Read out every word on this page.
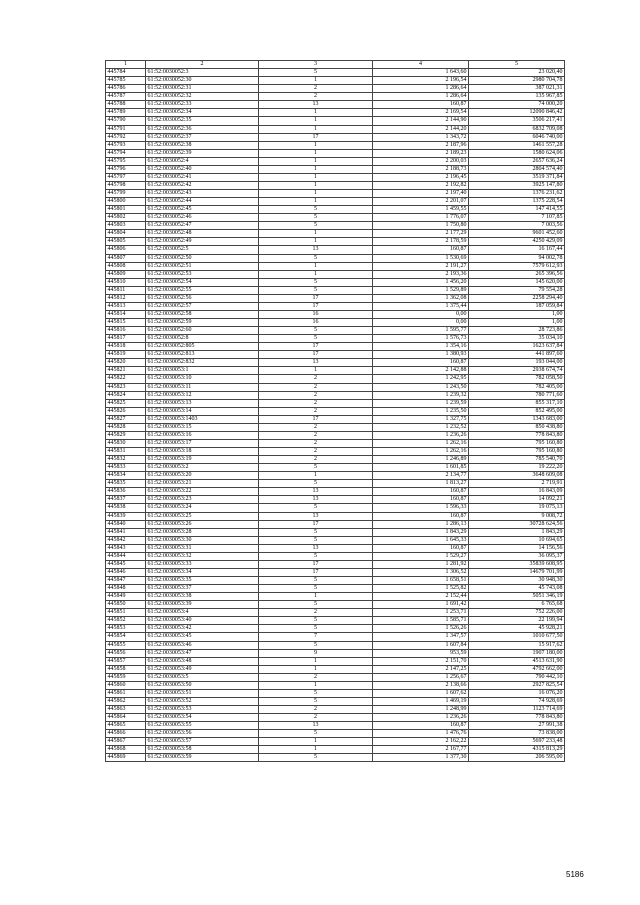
1	2	3	4	5
445784	61:52:0030052:3	5	1 643,60	23 020,40
445785	61:52:0030052:30	1	2 196,54	2980 704,78
445786	61:52:0030052:31	2	1 286,64	387 021,31
445787	61:52:0030052:32	2	1 286,64	135 967,85
445788	61:52:0030052:33	13	160,87	74 000,20
445789	61:52:0030052:34	1	2 169,54	12090 846,42
445790	61:52:0030052:35	1	2 144,90	3506 217,41
445791	61:52:0030052:36	1	2 144,20	6832 709,08
445792	61:52:0030052:37	17	1 343,72	6046 740,00
445793	61:52:0030052:38	1	2 187,96	1461 557,28
445794	61:52:0030052:39	1	2 189,23	1580 624,06
445795	61:52:0030052:4	1	2 200,03	2657 636,24
445796	61:52:0030052:40	1	2 188,73	2804 574,40
445797	61:52:0030052:41	1	2 196,45	3519 371,84
445798	61:52:0030052:42	1	2 192,82	3925 147,80
445799	61:52:0030052:43	1	2 197,40	1376 231,62
445800	61:52:0030052:44	1	2 201,07	1375 228,54
445801	61:52:0030052:45	5	1 459,55	147 414,55
445802	61:52:0030052:46	5	1 776,07	7 107,85
445803	61:52:0030052:47	5	1 750,80	7 003,56
445804	61:52:0030052:48	1	2 177,29	9601 452,60
445805	61:52:0030052:49	1	2 178,59	4250 429,09
445806	61:52:0030052:5	13	160,87	16 167,44
445807	61:52:0030052:50	5	1 530,69	94 002,78
445808	61:52:0030052:51	1	2 191,27	7579 612,93
445809	61:52:0030052:53	1	2 193,36	265 396,56
445810	61:52:0030052:54	5	1 456,20	145 620,00
445811	61:52:0030052:55	5	1 529,89	79 554,28
445812	61:52:0030052:56	17	1 362,08	2258 294,40
445813	61:52:0030052:57	17	1 375,44	187 059,84
445814	61:52:0030052:58	16	0,00	1,00
445815	61:52:0030052:59	16	0,00	1,00
445816	61:52:0030052:60	5	1 595,77	28 723,86
445817	61:52:0030052:8	5	1 576,73	35 034,10
445818	61:52:0030052:805	17	1 354,16	1623 637,84
445819	61:52:0030052:813	17	1 380,93	441 897,60
445820	61:52:0030052:832	13	160,87	193 044,00
445821	61:52:0030053:1	1	2 142,88	2938 674,74
445822	61:52:0030053:10	2	1 242,95	782 058,50
445823	61:52:0030053:11	2	1 243,50	782 405,00
445824	61:52:0030053:12	2	1 239,32	780 771,60
445825	61:52:0030053:13	2	1 239,59	855 317,10
445826	61:52:0030053:14	2	1 235,50	852 495,00
445827	61:52:0030053:1403	17	1 327,75	1343 683,00
445828	61:52:0030053:15	2	1 232,52	850 438,80
445829	61:52:0030053:16	2	1 236,26	778 843,80
445830	61:52:0030053:17	2	1 262,16	795 160,80
445831	61:52:0030053:18	2	1 262,16	795 160,80
445832	61:52:0030053:19	2	1 246,89	785 540,70
445833	61:52:0030053:2	5	1 601,85	19 222,20
445834	61:52:0030053:20	1	2 134,77	3648 609,08
445835	61:52:0030053:21	5	1 813,27	2 719,91
445836	61:52:0030053:22	13	160,87	16 843,09
445837	61:52:0030053:23	13	160,87	14 092,21
445838	61:52:0030053:24	5	1 596,33	19 075,13
445839	61:52:0030053:25	13	160,87	9 008,72
445840	61:52:0030053:26	17	1 286,13	30728 624,56
445841	61:52:0030053:28	5	1 843,29	1 843,29
445842	61:52:0030053:30	5	1 645,33	10 694,65
445843	61:52:0030053:31	13	160,87	14 156,56
445844	61:52:0030053:32	5	1 529,27	36 095,37
445845	61:52:0030053:33	17	1 281,92	35839 608,95
445846	61:52:0030053:34	17	1 306,52	14679 701,99
445847	61:52:0030053:35	5	1 658,51	30 948,30
445848	61:52:0030053:37	5	1 525,82	45 743,08
445849	61:52:0030053:38	1	2 152,44	5051 346,19
445850	61:52:0030053:39	5	1 691,42	6 765,68
445851	61:52:0030053:4	2	1 253,71	752 226,00
445852	61:52:0030053:40	5	1 585,71	22 199,94
445853	61:52:0030053:42	5	1 526,26	45 928,21
445854	61:52:0030053:45	7	1 347,57	1010 677,50
445855	61:52:0030053:46	5	1 607,84	15 917,62
445856	61:52:0030053:47	9	953,59	1907 180,00
445857	61:52:0030053:48	1	2 151,70	4513 631,90
445858	61:52:0030053:49	1	2 147,25	4792 662,00
445859	61:52:0030053:5	2	1 256,67	790 442,10
445860	61:52:0030053:50	1	2 138,66	2927 825,54
445861	61:52:0030053:51	5	1 607,62	16 076,20
445862	61:52:0030053:52	5	1 469,19	74 928,69
445863	61:52:0030053:53	2	1 248,99	1123 714,69
445864	61:52:0030053:54	2	1 236,26	778 843,80
445865	61:52:0030053:55	13	160,87	27 991,38
445866	61:52:0030053:56	5	1 476,76	73 838,00
445867	61:52:0030053:57	1	2 162,22	5697 233,48
445868	61:52:0030053:58	1	2 167,77	4315 813,29
445869	61:52:0030053:59	5	1 377,30	206 595,00
5186
